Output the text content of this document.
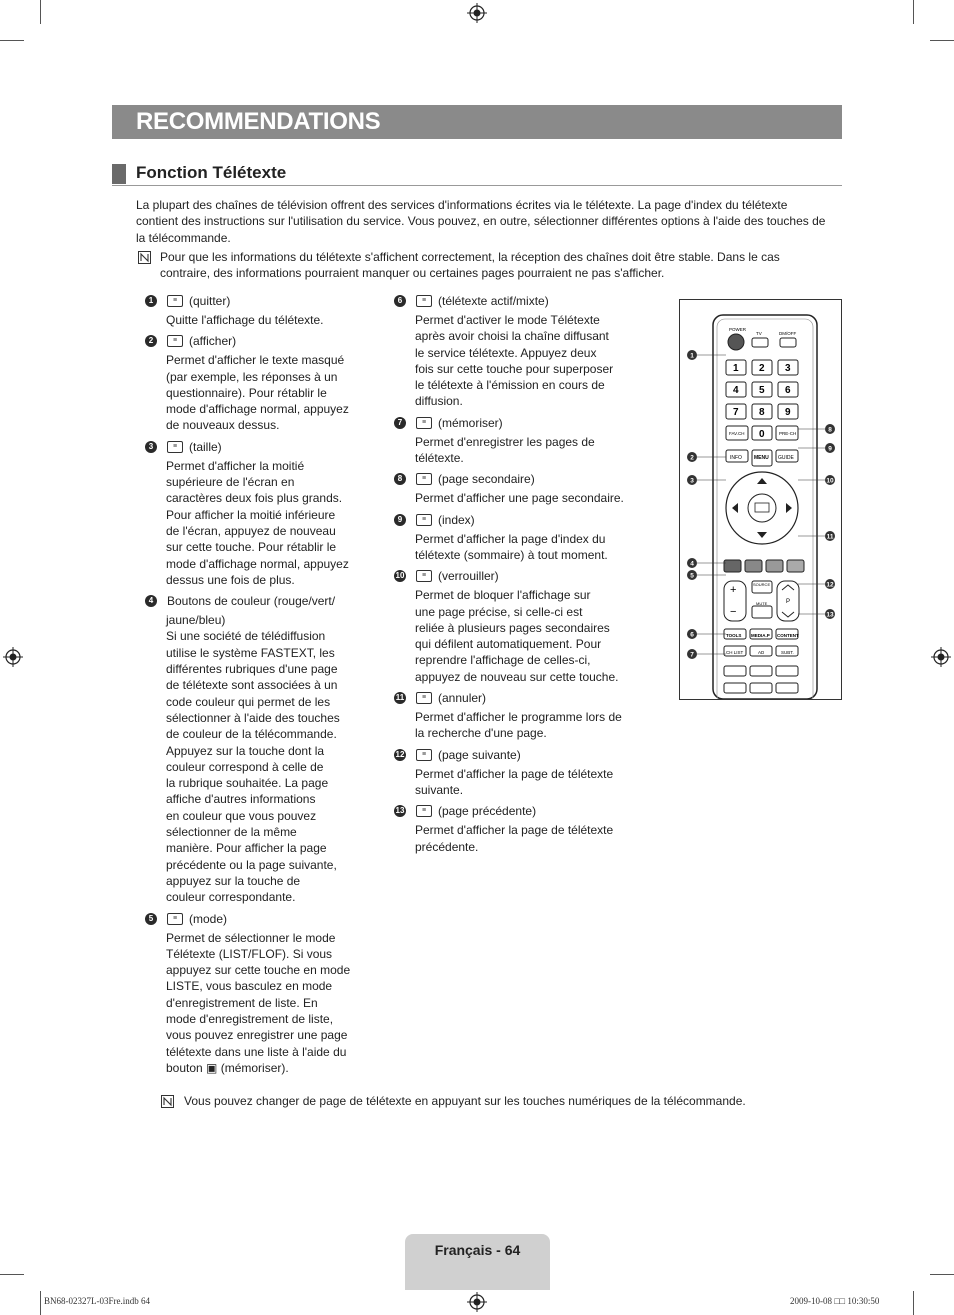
RECOMMENDATIONS
Fonction Télétexte
La plupart des chaînes de télévision offrent des services d'informations écrites via le télétexte. La page d'index du télétexte
contient des instructions sur l'utilisation du service. Vous pouvez, en outre, sélectionner différentes options à l'aide des touches de
la télécommande.
Pour que les informations du télétexte s'affichent correctement, la réception des chaînes doit être stable. Dans le cas
contraire, des informations pourraient manquer ou certaines pages pourraient ne pas s'afficher.
1	≡ (quitter)
Quitte l'affichage du télétexte.
2	≡ (afficher)
Permet d'afficher le texte masqué
(par exemple, les réponses à un
questionnaire). Pour rétablir le
mode d'affichage normal, appuyez
de nouveaux dessus.
3	≡ (taille)
Permet d'afficher la moitié
supérieure de l'écran en
caractères deux fois plus grands.
Pour afficher la moitié inférieure
de l'écran, appuyez de nouveau
sur cette touche. Pour rétablir le
mode d'affichage normal, appuyez
dessus une fois de plus.
4	Boutons de couleur (rouge/vert/
jaune/bleu)
Si une société de télédiffusion
utilise le système FASTEXT, les
différentes rubriques d'une page
de télétexte sont associées à un
code couleur qui permet de les
sélectionner à l'aide des touches
de couleur de la télécommande.
Appuyez sur la touche dont la
couleur correspond à celle de
la rubrique souhaitée. La page
affiche d'autres informations
en couleur que vous pouvez
sélectionner de la même
manière. Pour afficher la page
précédente ou la page suivante,
appuyez sur la touche de
couleur correspondante.
5	≡ (mode)
Permet de sélectionner le mode
Télétexte (LIST/FLOF). Si vous
appuyez sur cette touche en mode
LISTE, vous basculez en mode
d'enregistrement de liste. En
mode d'enregistrement de liste,
vous pouvez enregistrer une page
télétexte dans une liste à l'aide du
bouton ▣ (mémoriser).
6	≡ (télétexte actif/mixte)
Permet d'activer le mode Télétexte
après avoir choisi la chaîne diffusant
le service télétexte. Appuyez deux
fois sur cette touche pour superposer
le télétexte à l'émission en cours de
diffusion.
7	≡ (mémoriser)
Permet d'enregistrer les pages de
télétexte.
8	≡ (page secondaire)
Permet d'afficher une page secondaire.
9	≡ (index)
Permet d'afficher la page d'index du
télétexte (sommaire) à tout moment.
10	≡ (verrouiller)
Permet de bloquer l'affichage sur
une page précise, si celle-ci est
reliée à plusieurs pages secondaires
qui défilent automatiquement. Pour
reprendre l'affichage de celles-ci,
appuyez de nouveau sur cette touche.
11	≡ (annuler)
Permet d'afficher le programme lors de
la recherche d'une page.
12	≡ (page suivante)
Permet d'afficher la page de télétexte
suivante.
13	≡ (page précédente)
Permet d'afficher la page de télétexte
précédente.
POWER
TV	DM/OFF
1 2 3
4 5 6
7 8 9
FAV.CH 0	PRE-CH
INFO MENU GUIDE
+
−
SOURCE
MUTE	P
TOOLS MEDIA.P CONTENT
CH LIST	AD	SUBT.
1
2
3
4
5
6
7
8
9
10
11
12
13
Vous pouvez changer de page de télétexte en appuyant sur les touches numériques de la télécommande.
Français - 64
BN68-02327L-03Fre.indb 64	2009-10-08 □□ 10:30:50
